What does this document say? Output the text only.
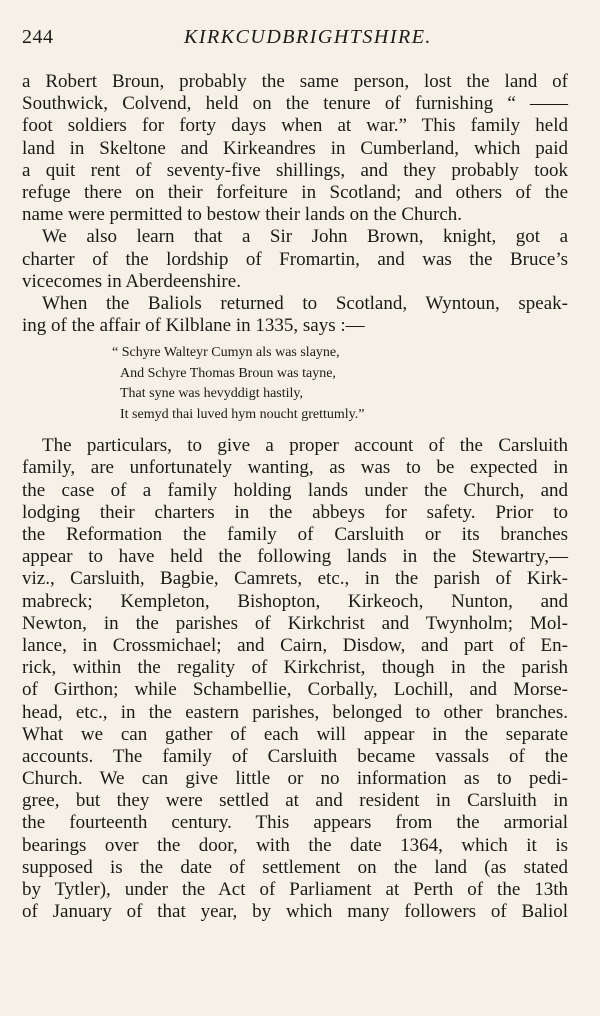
244	KIRKCUDBRIGHTSHIRE.
a Robert Broun, probably the same person, lost the land of
Southwick, Colvend, held on the tenure of furnishing “ ——
foot soldiers for forty days when at war.” This family held
land in Skeltone and Kirkeandres in Cumberland, which paid
a quit rent of seventy-five shillings, and they probably took
refuge there on their forfeiture in Scotland; and others of the
name were permitted to bestow their lands on the Church.
We also learn that a Sir John Brown, knight, got a
charter of the lordship of Fromartin, and was the Bruce’s
vicecomes in Aberdeenshire.
When the Baliols returned to Scotland, Wyntoun, speak-
ing of the affair of Kilblane in 1335, says :—
“ Schyre Walteyr Cumyn als was slayne,
And Schyre Thomas Broun was tayne,
That syne was hevyddigt hastily,
It semyd thai luved hym noucht grettumly.”
The particulars, to give a proper account of the Carsluith
family, are unfortunately wanting, as was to be expected in
the case of a family holding lands under the Church, and
lodging their charters in the abbeys for safety. Prior to
the Reformation the family of Carsluith or its branches
appear to have held the following lands in the Stewartry,—
viz., Carsluith, Bagbie, Camrets, etc., in the parish of Kirk-
mabreck; Kempleton, Bishopton, Kirkeoch, Nunton, and
Newton, in the parishes of Kirkchrist and Twynholm; Mol-
lance, in Crossmichael; and Cairn, Disdow, and part of En-
rick, within the regality of Kirkchrist, though in the parish
of Girthon; while Schambellie, Corbally, Lochill, and Morse-
head, etc., in the eastern parishes, belonged to other branches.
What we can gather of each will appear in the separate
accounts. The family of Carsluith became vassals of the
Church. We can give little or no information as to pedi-
gree, but they were settled at and resident in Carsluith in
the fourteenth century. This appears from the armorial
bearings over the door, with the date 1364, which it is
supposed is the date of settlement on the land (as stated
by Tytler), under the Act of Parliament at Perth of the 13th
of January of that year, by which many followers of Baliol
